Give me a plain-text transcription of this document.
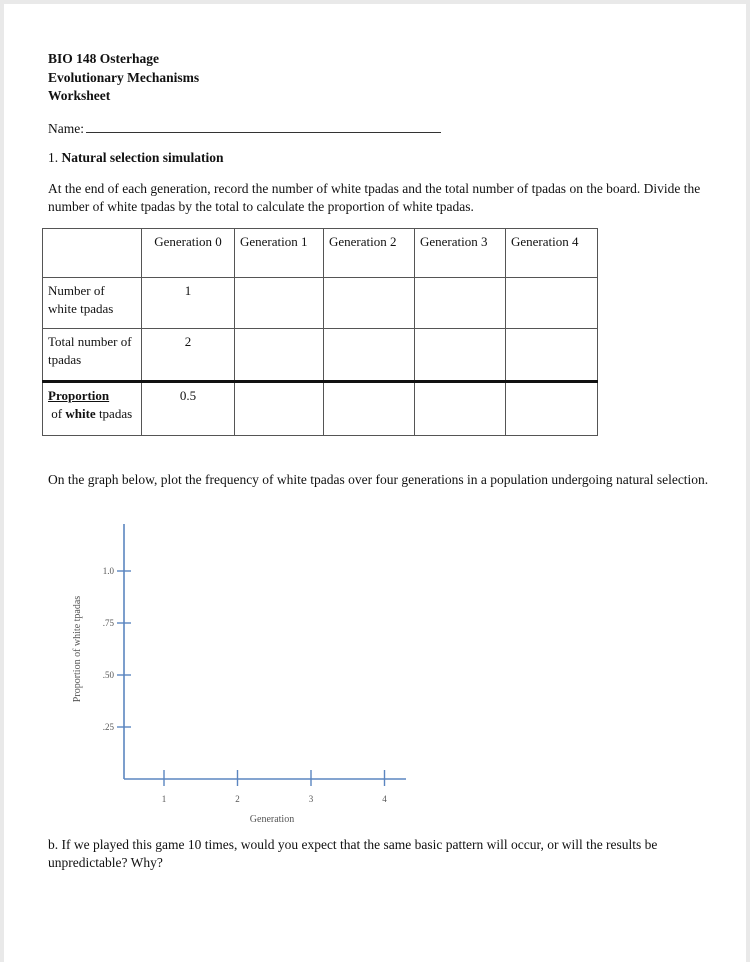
BIO 148 Osterhage
Evolutionary Mechanisms
Worksheet
Name:
1. Natural selection simulation
At the end of each generation, record the number of white tpadas and the total number of tpadas on the board. Divide the number of white tpadas by the total to calculate the proportion of white tpadas.
	Generation 0	Generation 1	Generation 2	Generation 3	Generation 4
Number of white tpadas	1				
Total number of tpadas	2				
Proportion of white tpadas	0.5				
On the graph below, plot the frequency of white tpadas over four generations in a population undergoing natural selection.
1.0
.75
.50
.25
1	2	3	4
Generation
Proportion of white tpadas
b. If we played this game 10 times, would you expect that the same basic pattern will occur, or will the results be unpredictable? Why?
